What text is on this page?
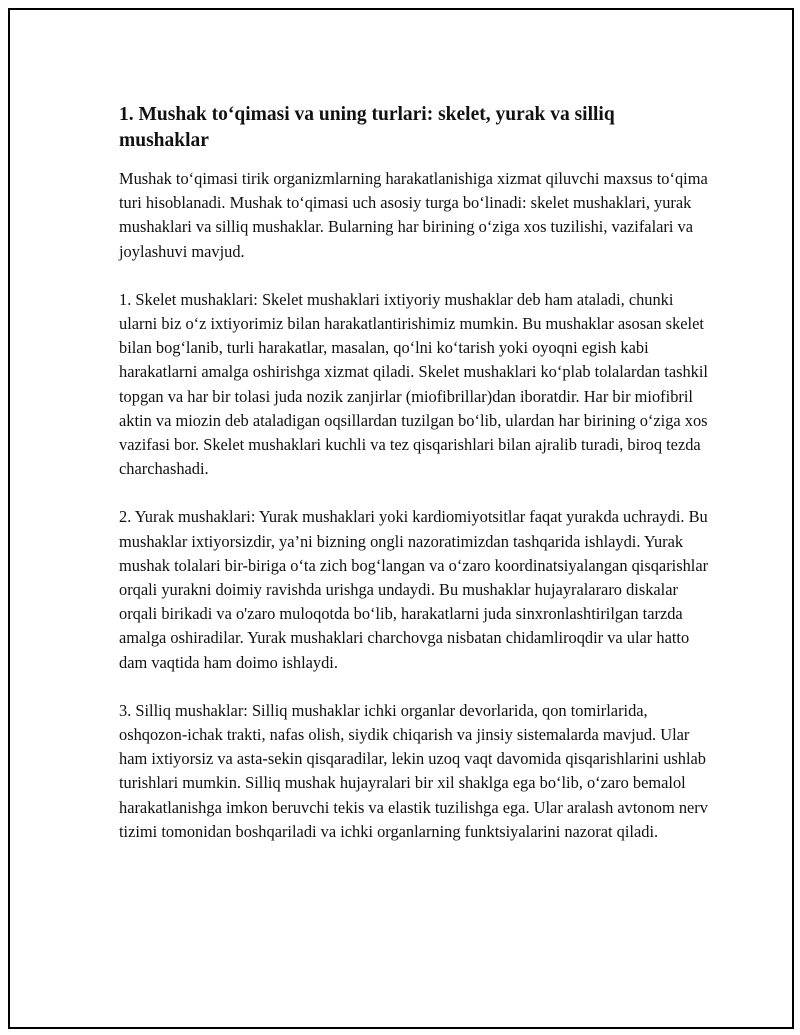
1. Mushak to‘qimasi va uning turlari: skelet, yurak va silliq mushaklar

Mushak to‘qimasi tirik organizmlarning harakatlanishiga xizmat qiluvchi maxsus to‘qima turi hisoblanadi. Mushak to‘qimasi uch asosiy turga bo‘linadi: skelet mushaklari, yurak mushaklari va silliq mushaklar. Bularning har birining o‘ziga xos tuzilishi, vazifalari va joylashuvi mavjud.

1. Skelet mushaklari: Skelet mushaklari ixtiyoriy mushaklar deb ham ataladi, chunki ularni biz o‘z ixtiyorimiz bilan harakatlantirishimiz mumkin. Bu mushaklar asosan skelet bilan bog‘lanib, turli harakatlar, masalan, qo‘lni ko‘tarish yoki oyoqni egish kabi harakatlarni amalga oshirishga xizmat qiladi. Skelet mushaklari ko‘plab tolalardan tashkil topgan va har bir tolasi juda nozik zanjirlar (miofibrillar)dan iboratdir. Har bir miofibril aktin va miozin deb ataladigan oqsillardan tuzilgan bo‘lib, ulardan har birining o‘ziga xos vazifasi bor. Skelet mushaklari kuchli va tez qisqarishlari bilan ajralib turadi, biroq tezda charchashadi.

2. Yurak mushaklari: Yurak mushaklari yoki kardiomiyotsitlar faqat yurakda uchraydi. Bu mushaklar ixtiyorsizdir, ya’ni bizning ongli nazoratimizdan tashqarida ishlaydi. Yurak mushak tolalari bir-biriga o‘ta zich bog‘langan va o‘zaro koordinatsiyalangan qisqarishlar orqali yurakni doimiy ravishda urishga undaydi. Bu mushaklar hujayralararo diskalar orqali birikadi va o'zaro muloqotda bo‘lib, harakatlarni juda sinxronlashtirilgan tarzda amalga oshiradilar. Yurak mushaklari charchovga nisbatan chidamliroqdir va ular hatto dam vaqtida ham doimo ishlaydi.

3. Silliq mushaklar: Silliq mushaklar ichki organlar devorlarida, qon tomirlarida, oshqozon-ichak trakti, nafas olish, siydik chiqarish va jinsiy sistemalarda mavjud. Ular ham ixtiyorsiz va asta-sekin qisqaradilar, lekin uzoq vaqt davomida qisqarishlarini ushlab turishlari mumkin. Silliq mushak hujayralari bir xil shaklga ega bo‘lib, o‘zaro bemalol harakatlanishga imkon beruvchi tekis va elastik tuzilishga ega. Ular aralash avtonom nerv tizimi tomonidan boshqariladi va ichki organlarning funktsiyalarini nazorat qiladi.
